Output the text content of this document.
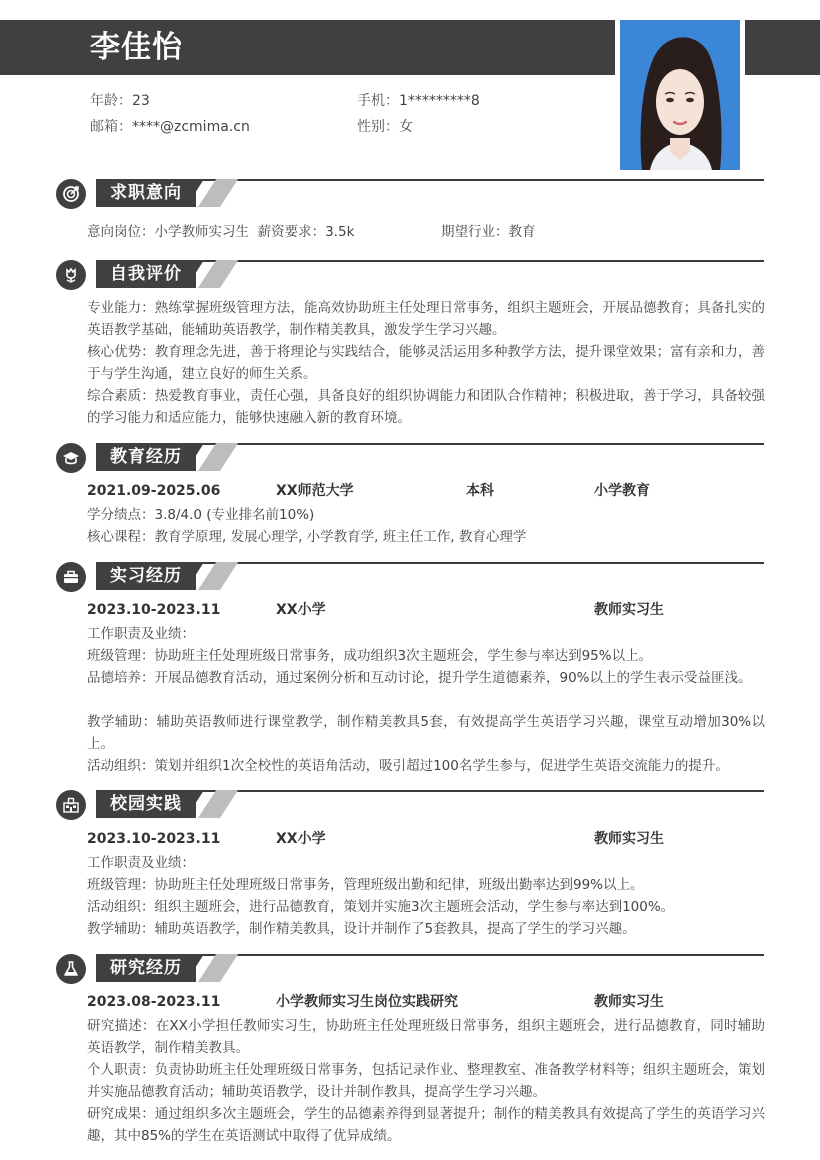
李佳怡
年龄：23	手机：1*********8
邮箱：****@zcmima.cn	性别：女
求职意向
意向岗位：小学教师实习生 薪资要求：3.5k	期望行业：教育
自我评价
专业能力：熟练掌握班级管理方法，能高效协助班主任处理日常事务，组织主题班会，开展品德教育；具备扎实的英语教学基础，能辅助英语教学，制作精美教具，激发学生学习兴趣。
核心优势：教育理念先进，善于将理论与实践结合，能够灵活运用多种教学方法，提升课堂效果；富有亲和力，善于与学生沟通，建立良好的师生关系。
综合素质：热爱教育事业，责任心强，具备良好的组织协调能力和团队合作精神；积极进取，善于学习，具备较强的学习能力和适应能力，能够快速融入新的教育环境。
教育经历
2021.09-2025.06	XX师范大学	本科	小学教育
学分绩点：3.8/4.0 (专业排名前10%)
核心课程：教育学原理, 发展心理学, 小学教育学, 班主任工作, 教育心理学
实习经历
2023.10-2023.11	XX小学	教师实习生
工作职责及业绩：
班级管理：协助班主任处理班级日常事务，成功组织3次主题班会，学生参与率达到95%以上。
品德培养：开展品德教育活动，通过案例分析和互动讨论，提升学生道德素养，90%以上的学生表示受益匪浅。
教学辅助：辅助英语教师进行课堂教学，制作精美教具5套，有效提高学生英语学习兴趣，课堂互动增加30%以上。
活动组织：策划并组织1次全校性的英语角活动，吸引超过100名学生参与，促进学生英语交流能力的提升。
校园实践
2023.10-2023.11	XX小学	教师实习生
工作职责及业绩：
班级管理：协助班主任处理班级日常事务，管理班级出勤和纪律，班级出勤率达到99%以上。
活动组织：组织主题班会，进行品德教育，策划并实施3次主题班会活动，学生参与率达到100%。
教学辅助：辅助英语教学，制作精美教具，设计并制作了5套教具，提高了学生的学习兴趣。
研究经历
2023.08-2023.11	小学教师实习生岗位实践研究	教师实习生
研究描述：在XX小学担任教师实习生，协助班主任处理班级日常事务，组织主题班会，进行品德教育，同时辅助英语教学，制作精美教具。
个人职责：负责协助班主任处理班级日常事务，包括记录作业、整理教室、准备教学材料等；组织主题班会，策划并实施品德教育活动；辅助英语教学，设计并制作教具，提高学生学习兴趣。
研究成果：通过组织多次主题班会，学生的品德素养得到显著提升；制作的精美教具有效提高了学生的英语学习兴趣，其中85%的学生在英语测试中取得了优异成绩。
